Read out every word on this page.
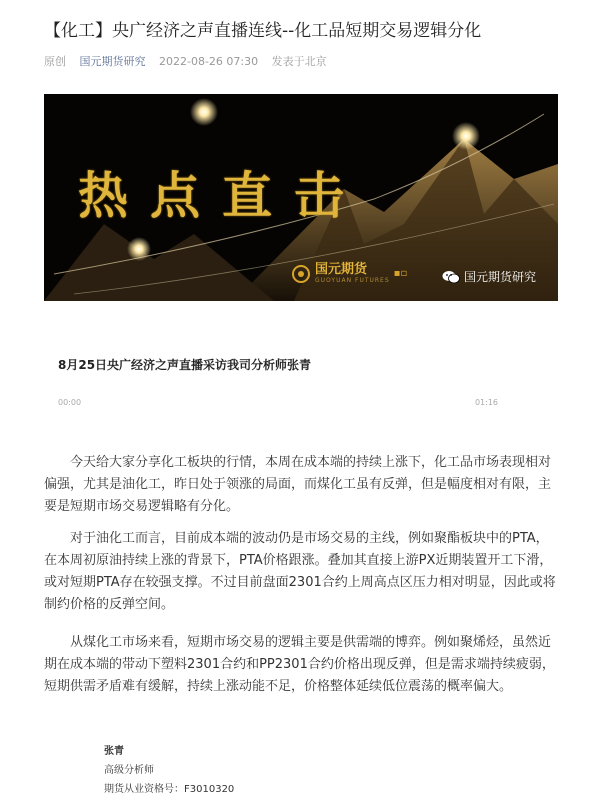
【化工】央广经济之声直播连线--化工品短期交易逻辑分化
原创 国元期货研究 2022-08-26 07:30 发表于北京
热点直击
国元期货
GUOYUAN FUTURES
▪▫	国元期货研究
8月25日央广经济之声直播采访我司分析师张青
00:00	01:16

今天给大家分享化工板块的行情，本周在成本端的持续上涨下，化工品市场表现相对偏强，尤其是油化工，昨日处于领涨的局面，而煤化工虽有反弹，但是幅度相对有限，主要是短期市场交易逻辑略有分化。

对于油化工而言，目前成本端的波动仍是市场交易的主线，例如聚酯板块中的PTA，在本周初原油持续上涨的背景下，PTA价格跟涨。叠加其直接上游PX近期装置开工下滑，或对短期PTA存在较强支撑。不过目前盘面2301合约上周高点区压力相对明显，因此或将制约价格的反弹空间。

从煤化工市场来看，短期市场交易的逻辑主要是供需端的博弈。例如聚烯烃，虽然近期在成本端的带动下塑料2301合约和PP2301合约价格出现反弹，但是需求端持续疲弱，短期供需矛盾难有缓解，持续上涨动能不足，价格整体延续低位震荡的概率偏大。

张青
高级分析师
期货从业资格号：F3010320
